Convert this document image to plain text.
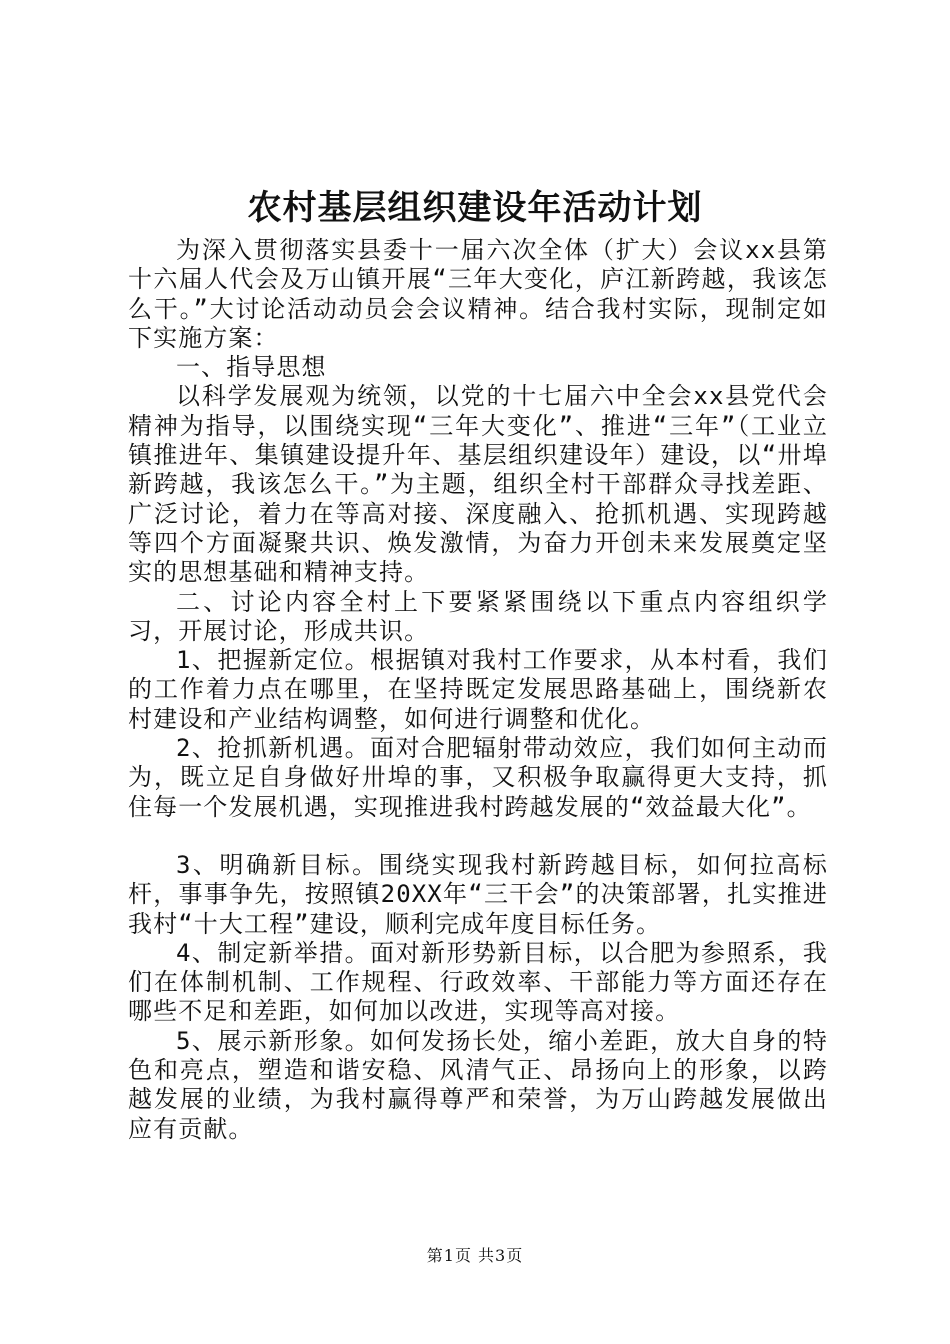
农村基层组织建设年活动计划

为深入贯彻落实县委十一届六次全体（扩大）会议xx县第十六届人代会及万山镇开展“三年大变化，庐江新跨越，我该怎么干。”大讨论活动动员会会议精神。结合我村实际，现制定如下实施方案：

一、指导思想

以科学发展观为统领，以党的十七届六中全会xx县党代会精神为指导，以围绕实现“三年大变化”、推进“三年”（工业立镇推进年、集镇建设提升年、基层组织建设年）建设，以“卅埠新跨越，我该怎么干。”为主题，组织全村干部群众寻找差距、广泛讨论，着力在等高对接、深度融入、抢抓机遇、实现跨越等四个方面凝聚共识、焕发激情，为奋力开创未来发展奠定坚实的思想基础和精神支持。

二、讨论内容全村上下要紧紧围绕以下重点内容组织学习，开展讨论，形成共识。

1、把握新定位。根据镇对我村工作要求，从本村看，我们的工作着力点在哪里，在坚持既定发展思路基础上，围绕新农村建设和产业结构调整，如何进行调整和优化。

2、抢抓新机遇。面对合肥辐射带动效应，我们如何主动而为，既立足自身做好卅埠的事，又积极争取赢得更大支持，抓住每一个发展机遇，实现推进我村跨越发展的“效益最大化”。

3、明确新目标。围绕实现我村新跨越目标，如何拉高标杆，事事争先，按照镇20XX年“三干会”的决策部署，扎实推进我村“十大工程”建设，顺利完成年度目标任务。

4、制定新举措。面对新形势新目标，以合肥为参照系，我们在体制机制、工作规程、行政效率、干部能力等方面还存在哪些不足和差距，如何加以改进，实现等高对接。

5、展示新形象。如何发扬长处，缩小差距，放大自身的特色和亮点，塑造和谐安稳、风清气正、昂扬向上的形象，以跨越发展的业绩，为我村赢得尊严和荣誉，为万山跨越发展做出应有贡献。

第1页 共3页
